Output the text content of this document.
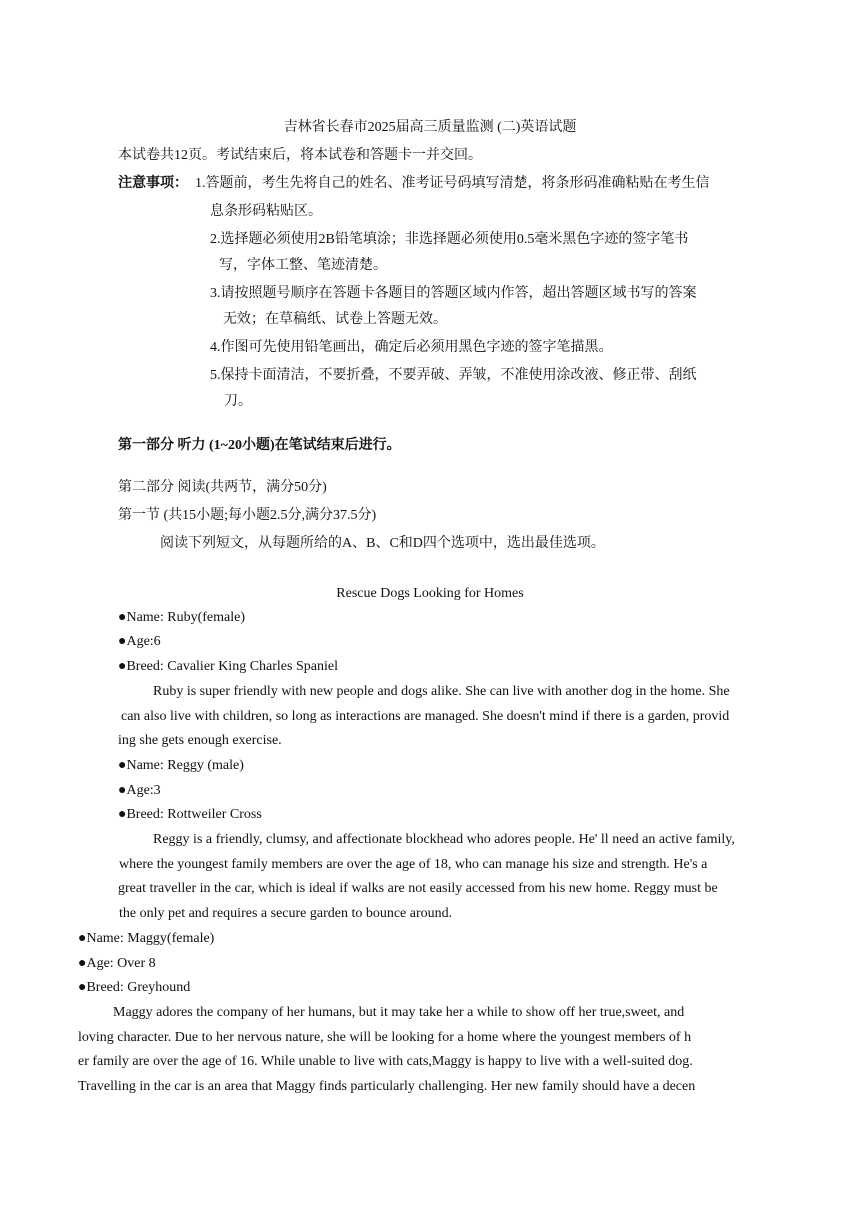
吉林省长春市2025届高三质量监测 (二)英语试题
本试卷共12页。考试结束后，将本试卷和答题卡一并交回。
注意事项： 1.答题前，考生先将自己的姓名、准考证号码填写清楚，将条形码准确粘贴在考生信
息条形码粘贴区。
2.选择题必须使用2B铅笔填涂；非选择题必须使用0.5毫米黑色字迹的签字笔书
写，字体工整、笔迹清楚。
3.请按照题号顺序在答题卡各题目的答题区域内作答，超出答题区域书写的答案
无效；在草稿纸、试卷上答题无效。
4.作图可先使用铅笔画出，确定后必须用黑色字迹的签字笔描黑。
5.保持卡面清洁，不要折叠，不要弄破、弄皱，不准使用涂改液、修正带、刮纸
刀。
第一部分 听力 (1~20小题)在笔试结束后进行。
第二部分 阅读(共两节，满分50分)
第一节 (共15小题;每小题2.5分,满分37.5分)
阅读下列短文，从每题所给的A、B、C和D四个选项中，选出最佳选项。
Rescue Dogs Looking for Homes
●Name: Ruby(female)
●Age:6
●Breed: Cavalier King Charles Spaniel
Ruby is super friendly with new people and dogs alike. She can live with another dog in the home. She
can also live with children, so long as interactions are managed. She doesn't mind if there is a garden, provid
ing she gets enough exercise.
●Name: Reggy (male)
●Age:3
●Breed: Rottweiler Cross
Reggy is a friendly, clumsy, and affectionate blockhead who adores people. He' ll need an active family,
where the youngest family members are over the age of 18, who can manage his size and strength. He's a
great traveller in the car, which is ideal if walks are not easily accessed from his new home. Reggy must be
the only pet and requires a secure garden to bounce around.
●Name: Maggy(female)
●Age: Over 8
●Breed: Greyhound
Maggy adores the company of her humans, but it may take her a while to show off her true,sweet, and
loving character. Due to her nervous nature, she will be looking for a home where the youngest members of h
er family are over the age of 16. While unable to live with cats,Maggy is happy to live with a well-suited dog.
Travelling in the car is an area that Maggy finds particularly challenging. Her new family should have a decen
